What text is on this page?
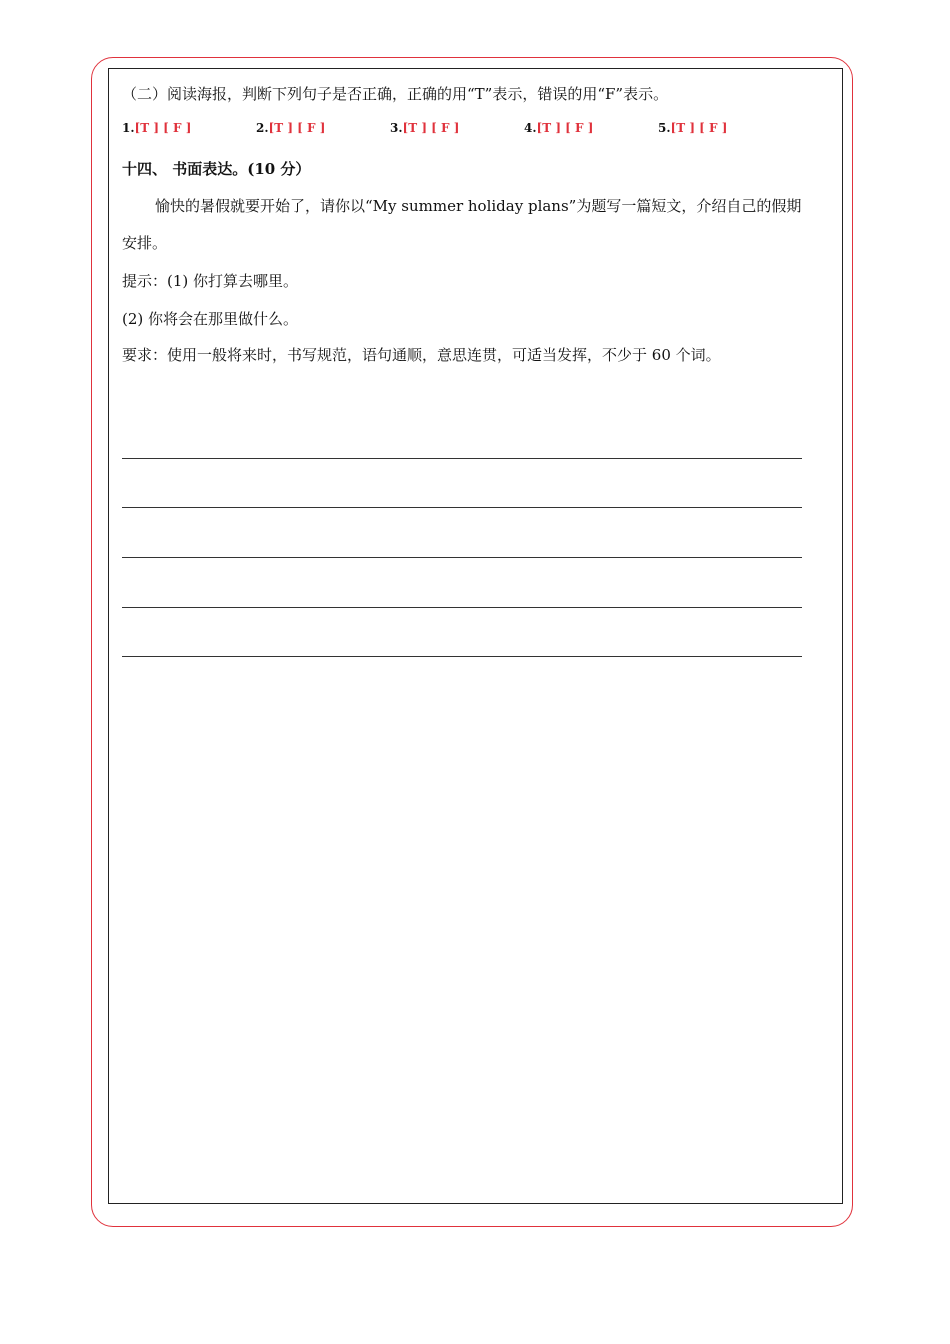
（二）阅读海报，判断下列句子是否正确，正确的用“T”表示，错误的用“F”表示。
1.[T ] [ F ]	2.[T ] [ F ]	3.[T ] [ F ]	4.[T ] [ F ]	5.[T ] [ F ]
十四、 书面表达。(10 分）
愉快的暑假就要开始了，请你以“My summer holiday plans”为题写一篇短文，介绍自己的假期
安排。
提示：(1) 你打算去哪里。
(2) 你将会在那里做什么。
要求：使用一般将来时，书写规范，语句通顺，意思连贯，可适当发挥，不少于 60 个词。
